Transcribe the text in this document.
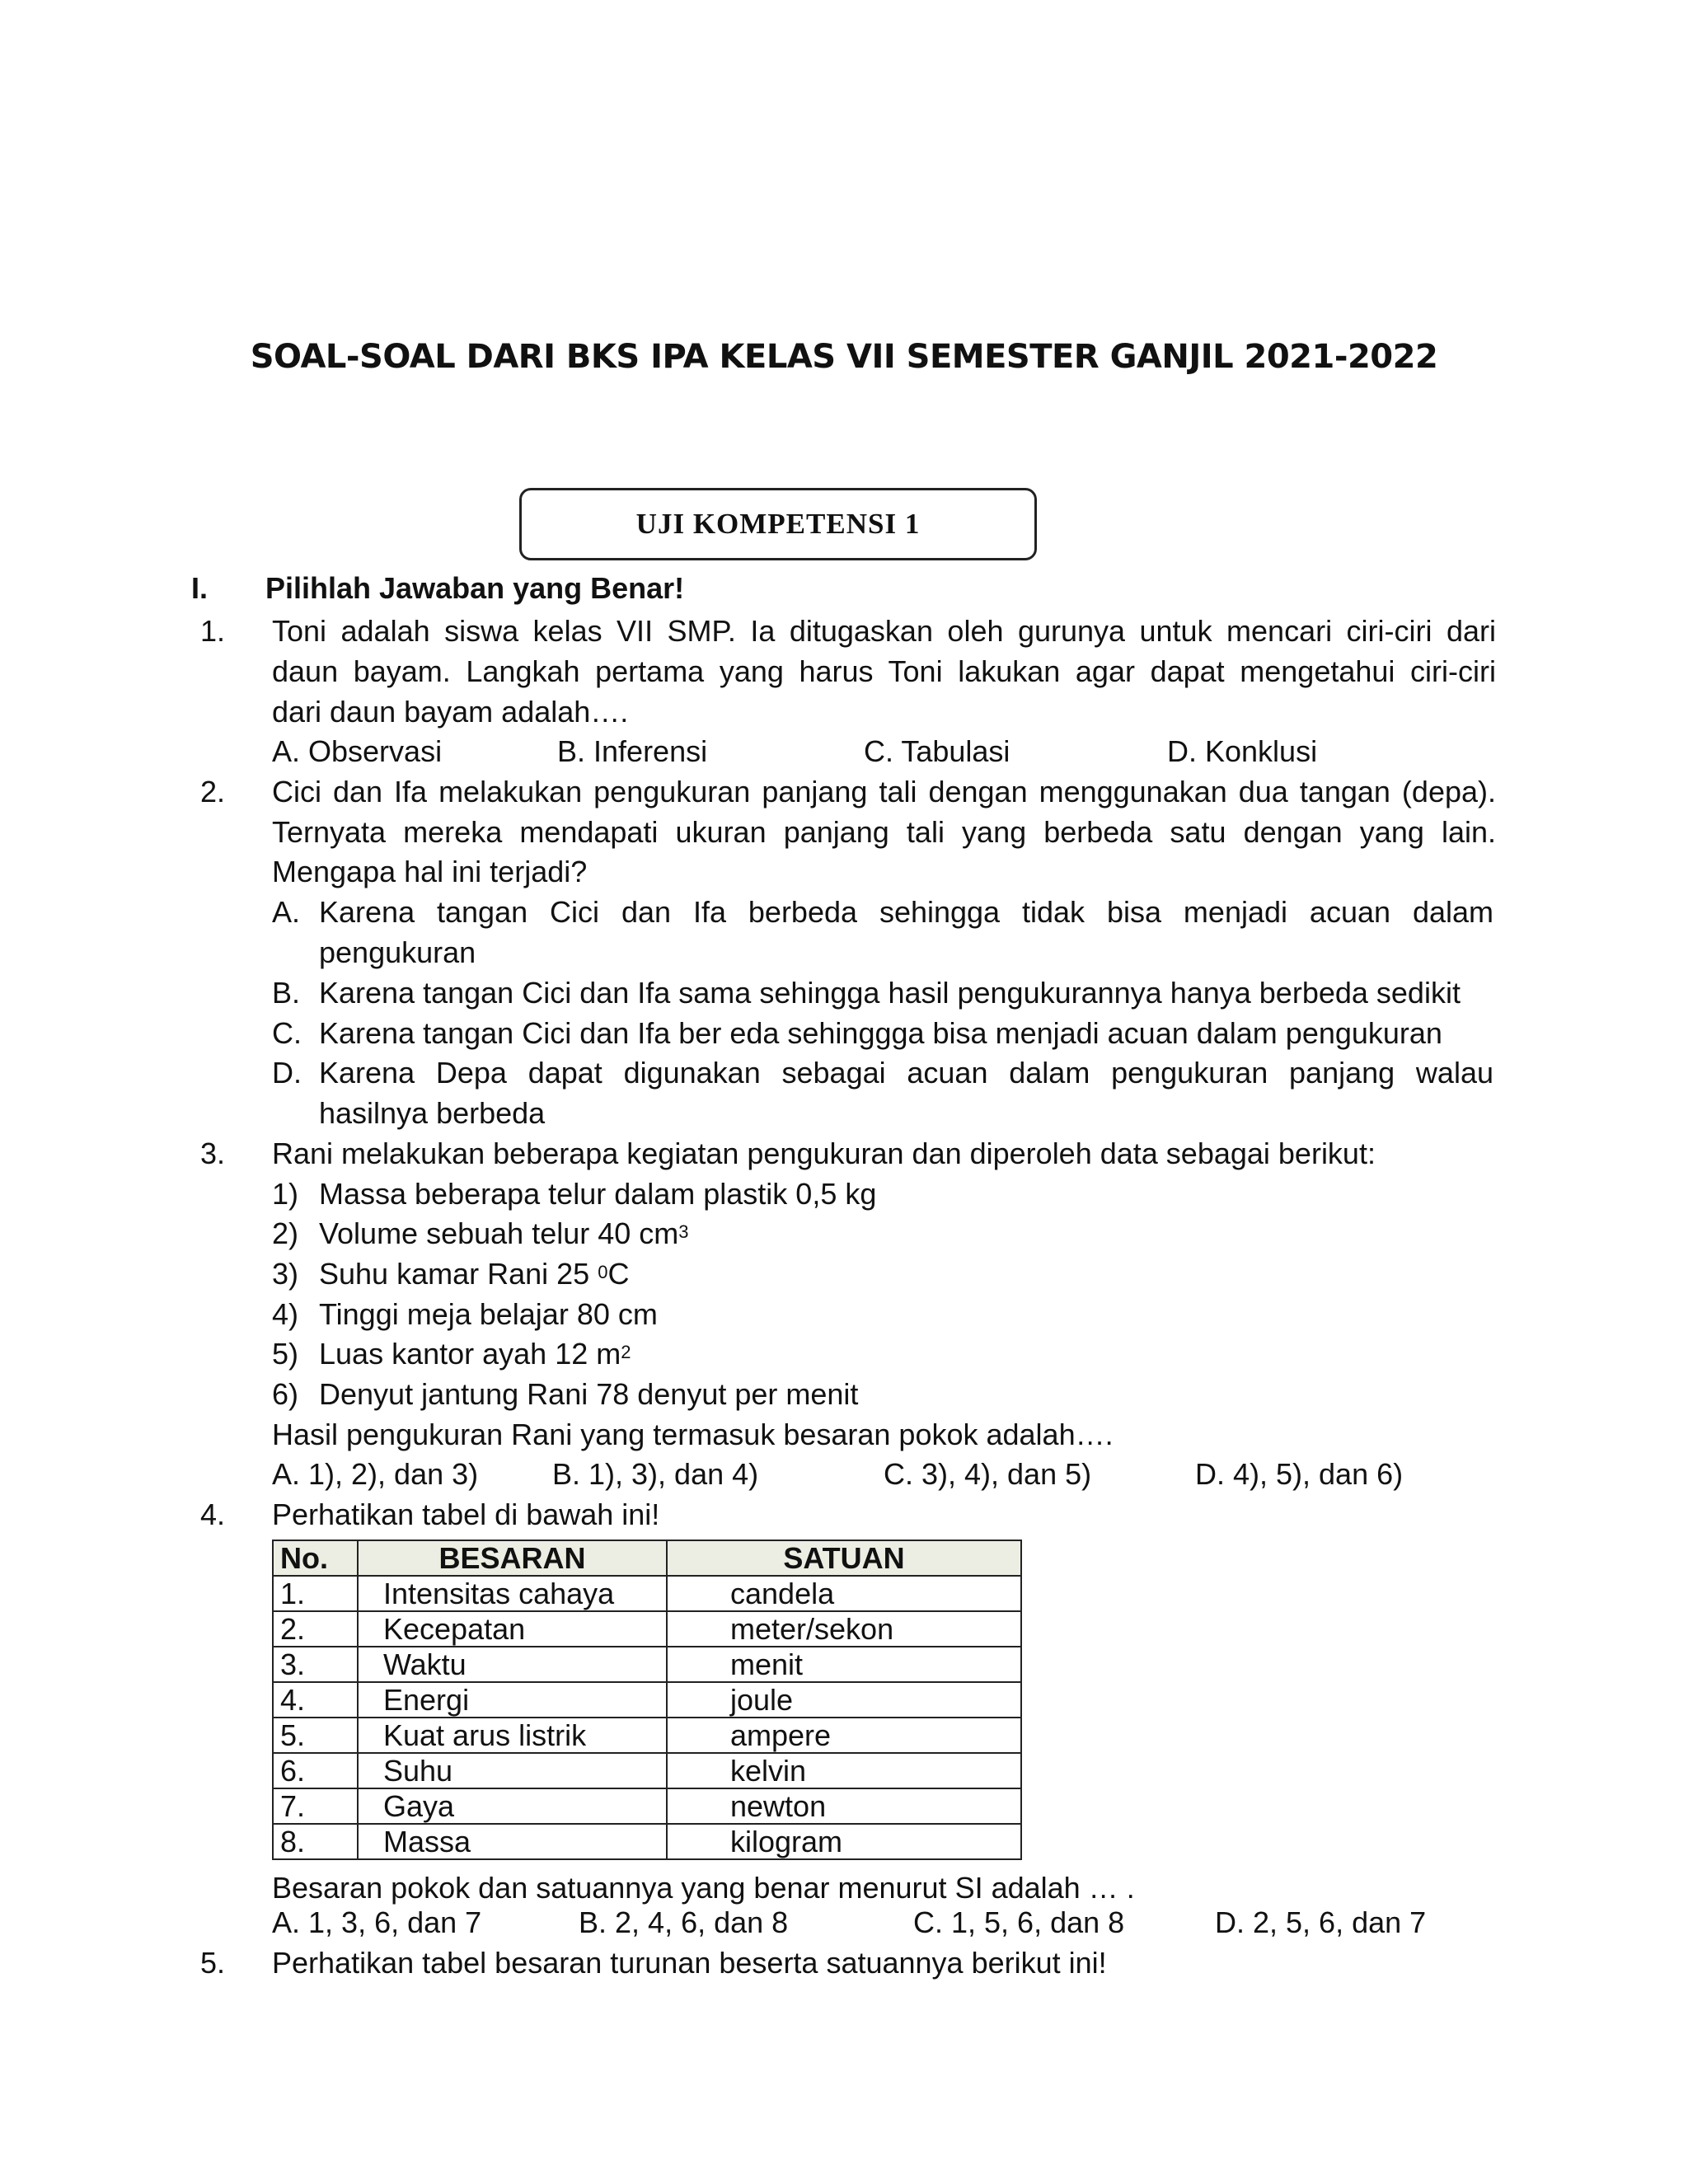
SOAL-SOAL DARI BKS IPA KELAS VII SEMESTER GANJIL 2021-2022
UJI KOMPETENSI 1
I. Pilihlah Jawaban yang Benar!
1. Toni adalah siswa kelas VII SMP. Ia ditugaskan oleh gurunya untuk mencari ciri-ciri dari
daun bayam. Langkah pertama yang harus Toni lakukan agar dapat mengetahui ciri-ciri
dari daun bayam adalah….
A. Observasi	B. Inferensi	C. Tabulasi	D. Konklusi
2. Cici dan Ifa melakukan pengukuran panjang tali dengan menggunakan dua tangan (depa).
Ternyata mereka mendapati ukuran panjang tali yang berbeda satu dengan yang lain.
Mengapa hal ini terjadi?
A. Karena tangan Cici dan Ifa berbeda sehingga tidak bisa menjadi acuan dalam
pengukuran
B. Karena tangan Cici dan Ifa sama sehingga hasil pengukurannya hanya berbeda sedikit
C. Karena tangan Cici dan Ifa ber eda sehinggga bisa menjadi acuan dalam pengukuran
D. Karena Depa dapat digunakan sebagai acuan dalam pengukuran panjang walau
hasilnya berbeda
3. Rani melakukan beberapa kegiatan pengukuran dan diperoleh data sebagai berikut:
1) Massa beberapa telur dalam plastik 0,5 kg
2) Volume sebuah telur 40 $cm^3$
3) Suhu kamar Rani 25 $^0$C
4) Tinggi meja belajar 80 cm
5) Luas kantor ayah 12 $m^2$
6) Denyut jantung Rani 78 denyut per menit
Hasil pengukuran Rani yang termasuk besaran pokok adalah….
A. 1), 2), dan 3) B. 1), 3), dan 4)	C. 3), 4), dan 5)	D. 4), 5), dan 6)
4. Perhatikan tabel di bawah ini!
No.	BESARAN	SATUAN
1.	Intensitas cahaya	candela
2.	Kecepatan	meter/sekon
3.	Waktu	menit
4.	Energi	joule
5.	Kuat arus listrik	ampere
6.	Suhu	kelvin
7.	Gaya	newton
8.	Massa	kilogram
Besaran pokok dan satuannya yang benar menurut SI adalah … .
A. 1, 3, 6, dan 7	B. 2, 4, 6, dan 8	C. 1, 5, 6, dan 8	D. 2, 5, 6, dan 7
5. Perhatikan tabel besaran turunan beserta satuannya berikut ini!
